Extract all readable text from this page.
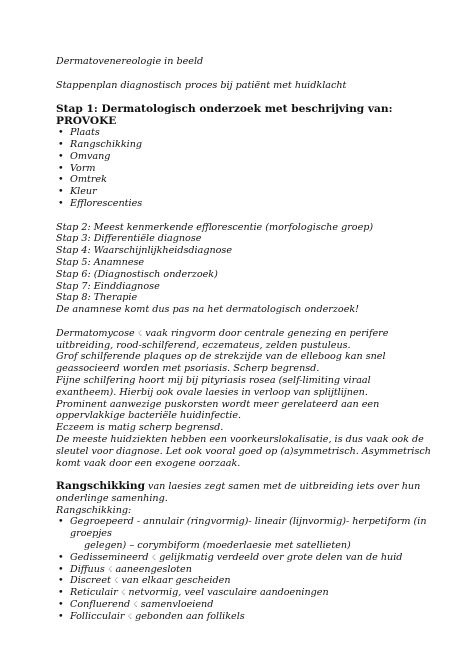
Dermatovenereologie in beeld

Stappenplan diagnostisch proces bij patiënt met huidklacht

Stap 1: Dermatologisch onderzoek met beschrijving van:

PROVOKE

• Plaats
• Rangschikking
• Omvang
• Vorm
• Omtrek
• Kleur
• Efflorescenties

Stap 2: Meest kenmerkende efflorescentie (morfologische groep)

Stap 3: Differentiële diagnose

Stap 4: Waarschijnlijkheidsdiagnose

Stap 5: Anamnese

Stap 6: (Diagnostisch onderzoek)

Stap 7: Einddiagnose

Stap 8: Therapie

De anamnese komt dus pas na het dermatologisch onderzoek!

Dermatomycose ☇ vaak ringvorm door centrale genezing en perifere uitbreiding, rood-schilferend, eczemateus, zelden pustuleus.

Grof schilferende plaques op de strekzijde van de elleboog kan snel geassocieerd worden met psoriasis. Scherp begrensd.

Fijne schilfering hoort mij bij pityriasis rosea (self-limiting viraal exantheem). Hierbij ook ovale laesies in verloop van splijtlijnen.

Prominent aanwezige puskorsten wordt meer gerelateerd aan een oppervlakkige bacteriële huidinfectie.

Eczeem is matig scherp begrensd.

De meeste huidziekten hebben een voorkeurslokalisatie, is dus vaak ook de sleutel voor diagnose. Let ook vooral goed op (a)symmetrisch. Asymmetrisch komt vaak door een exogene oorzaak.

Rangschikking van laesies zegt samen met de uitbreiding iets over hun onderlinge samenhing.

Rangschikking:

• Gegroepeerd - annulair (ringvormig)- lineair (lijnvormig)- herpetiform (in groepjes
gelegen) – corymbiform (moederlaesie met satellieten)
• Gedissemineerd ☇ gelijkmatig verdeeld over grote delen van de huid
• Diffuus ☇ aaneengesloten
• Discreet ☇ van elkaar gescheiden
• Reticulair ☇ netvormig, veel vasculaire aandoeningen
• Confluerend ☇ samenvloeiend
• Follicculair ☇ gebonden aan follikels
